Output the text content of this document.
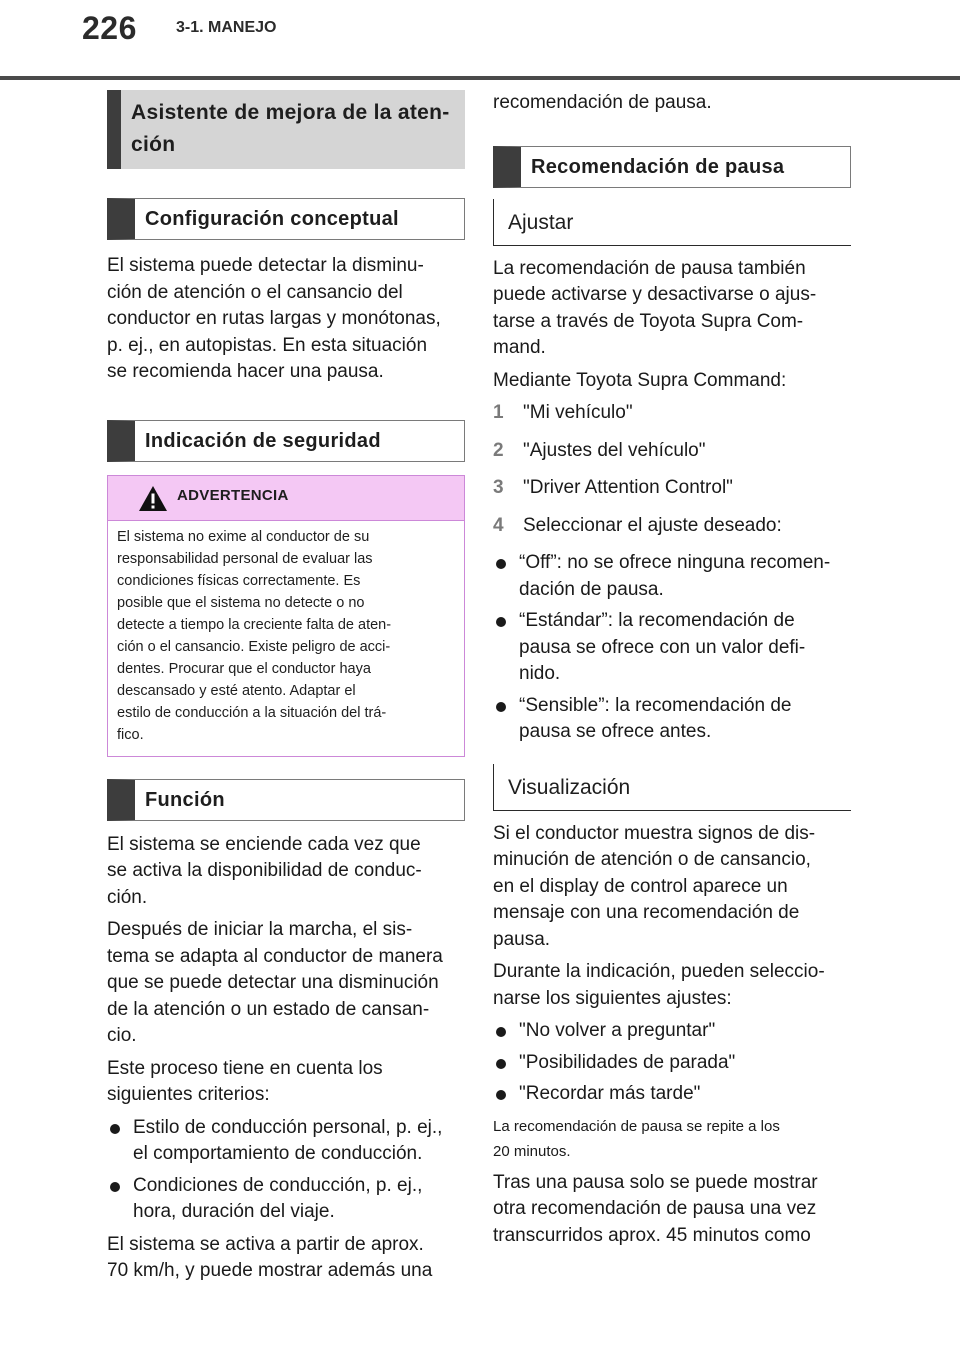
226 3-1. MANEJO
Asistente de mejora de la aten-
ción
Configuración conceptual

El sistema puede detectar la disminu-
ción de atención o el cansancio del
conductor en rutas largas y monótonas,
p. ej., en autopistas. En esta situación
se recomienda hacer una pausa.

Indicación de seguridad
ADVERTENCIA
El sistema no exime al conductor de su
responsabilidad personal de evaluar las
condiciones físicas correctamente. Es
posible que el sistema no detecte o no
detecte a tiempo la creciente falta de aten-
ción o el cansancio. Existe peligro de acci-
dentes. Procurar que el conductor haya
descansado y esté atento. Adaptar el
estilo de conducción a la situación del trá-
fico.
Función

El sistema se enciende cada vez que
se activa la disponibilidad de conduc-
ción.

Después de iniciar la marcha, el sis-
tema se adapta al conductor de manera
que se puede detectar una disminución
de la atención o un estado de cansan-
cio.

Este proceso tiene en cuenta los
siguientes criterios:

Estilo de conducción personal, p. ej.,
el comportamiento de conducción.
Condiciones de conducción, p. ej.,
hora, duración del viaje.

El sistema se activa a partir de aprox.
70 km/h, y puede mostrar además una

recomendación de pausa.

Recomendación de pausa
Ajustar

La recomendación de pausa también
puede activarse y desactivarse o ajus-
tarse a través de Toyota Supra Com-
mand.

Mediante Toyota Supra Command:

1 "Mi vehículo"
2 "Ajustes del vehículo"
3 "Driver Attention Control"
4 Seleccionar el ajuste deseado:
“Off”: no se ofrece ninguna recomen-
dación de pausa.
“Estándar”: la recomendación de
pausa se ofrece con un valor defi-
nido.
“Sensible”: la recomendación de
pausa se ofrece antes.
Visualización

Si el conductor muestra signos de dis-
minución de atención o de cansancio,
en el display de control aparece un
mensaje con una recomendación de
pausa.

Durante la indicación, pueden seleccio-
narse los siguientes ajustes:

"No volver a preguntar"
"Posibilidades de parada"
"Recordar más tarde"

La recomendación de pausa se repite a los
20 minutos.

Tras una pausa solo se puede mostrar
otra recomendación de pausa una vez
transcurridos aprox. 45 minutos como
